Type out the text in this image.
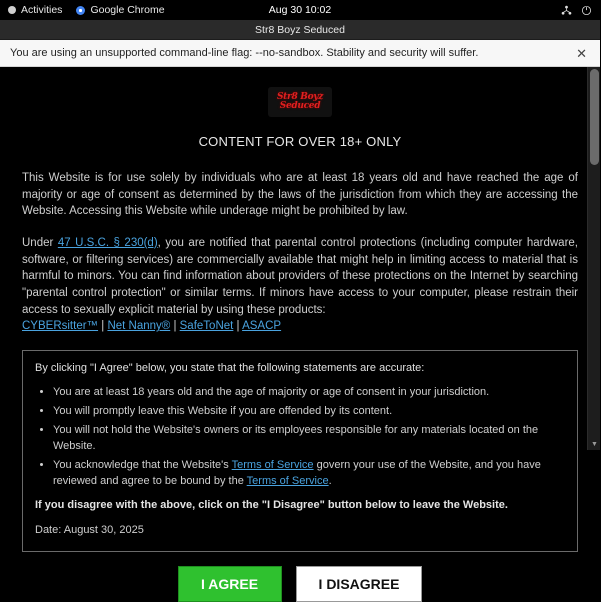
Activities	Google Chrome	Aug 30 10:02
Str8 Boyz Seduced
You are using an unsupported command-line flag: --no-sandbox. Stability and security will suffer.	✕
Str8 Boyz
Seduced
CONTENT FOR OVER 18+ ONLY

This Website is for use solely by individuals who are at least 18 years old and have reached the age of majority or age of consent as determined by the laws of the jurisdiction from which they are accessing the Website. Accessing this Website while underage might be prohibited by law.

Under 47 U.S.C. § 230(d), you are notified that parental control protections (including computer hardware, software, or filtering services) are commercially available that might help in limiting access to material that is harmful to minors. You can find information about providers of these protections on the Internet by searching "parental control protection" or similar terms. If minors have access to your computer, please restrain their access to sexually explicit material by using these products:
CYBERsitter™ | Net Nanny® | SafeToNet | ASACP

By clicking "I Agree" below, you state that the following statements are accurate:

• You are at least 18 years old and the age of majority or age of consent in your jurisdiction.
• You will promptly leave this Website if you are offended by its content.
• You will not hold the Website's owners or its employees responsible for any materials located on the Website.
• You acknowledge that the Website's Terms of Service govern your use of the Website, and you have reviewed and agree to be bound by the Terms of Service.

If you disagree with the above, click on the "I Disagree" button below to leave the Website.

Date: August 30, 2025

I AGREE	I DISAGREE
▼
